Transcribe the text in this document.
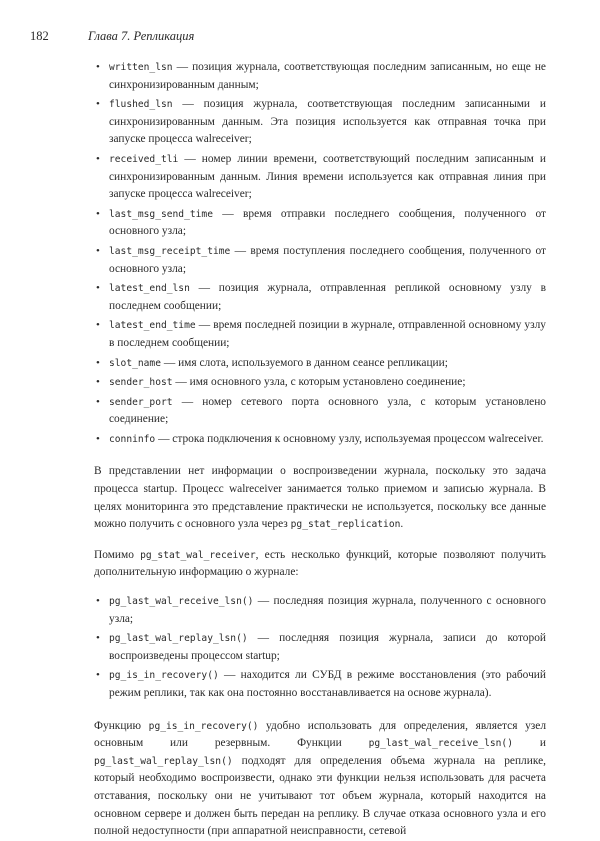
182	Глава 7. Репликация
• written_lsn — позиция журнала, соответствующая последним записанным, но еще не синхронизированным данным;
• flushed_lsn — позиция журнала, соответствующая последним записанными и синхронизированным данным. Эта позиция используется как отправная точка при запуске процесса walreceiver;
• received_tli — номер линии времени, соответствующий последним записанным и синхронизированным данным. Линия времени используется как отправная линия при запуске процесса walreceiver;
• last_msg_send_time — время отправки последнего сообщения, полученного от основного узла;
• last_msg_receipt_time — время поступления последнего сообщения, полученного от основного узла;
• latest_end_lsn — позиция журнала, отправленная репликой основному узлу в последнем сообщении;
• latest_end_time — время последней позиции в журнале, отправленной основному узлу в последнем сообщении;
• slot_name — имя слота, используемого в данном сеансе репликации;
• sender_host — имя основного узла, с которым установлено соединение;
• sender_port — номер сетевого порта основного узла, с которым установлено соединение;
• conninfo — строка подключения к основному узлу, используемая процессом walreceiver.

В представлении нет информации о воспроизведении журнала, поскольку это задача процесса startup. Процесс walreceiver занимается только приемом и записью журнала. В целях мониторинга это представление практически не используется, поскольку все данные можно получить с основного узла через pg_stat_replication.

Помимо pg_stat_wal_receiver, есть несколько функций, которые позволяют получить дополнительную информацию о журнале:

• pg_last_wal_receive_lsn() — последняя позиция журнала, полученного с основного узла;
• pg_last_wal_replay_lsn() — последняя позиция журнала, записи до которой воспроизведены процессом startup;
• pg_is_in_recovery() — находится ли СУБД в режиме восстановления (это рабочий режим реплики, так как она постоянно восстанавливается на основе журнала).

Функцию pg_is_in_recovery() удобно использовать для определения, является узел основным или резервным. Функции pg_last_wal_receive_lsn() и pg_last_wal_replay_lsn() подходят для определения объема журнала на реплике, который необходимо воспроизвести, однако эти функции нельзя использовать для расчета отставания, поскольку они не учитывают тот объем журнала, который находится на основном сервере и должен быть передан на реплику. В случае отказа основного узла и его полной недоступности (при аппаратной неисправности, сетевой
